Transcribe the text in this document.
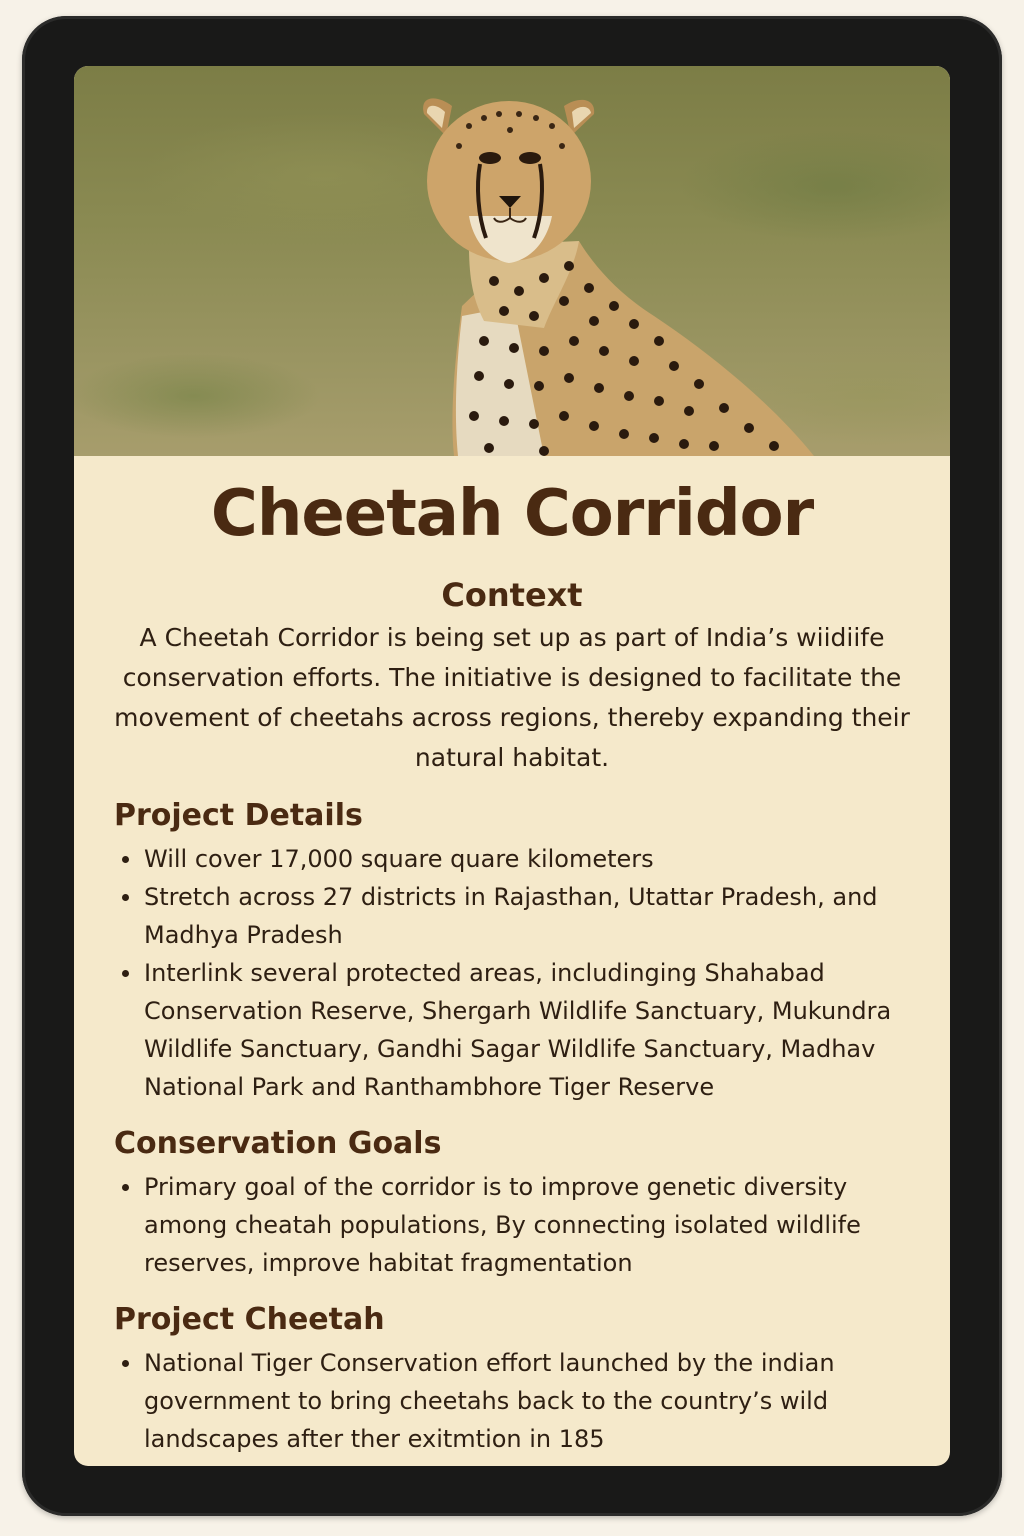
Cheetah Corridor
Context

A Cheetah Corridor is being set up as part of India’s wiidiife conservation efforts. The initiative is designed to facilitate the movement of cheetahs across regions, thereby expanding their natural habitat.

Project Details
Will cover 17,000 square quare kilometers
Stretch across 27 districts in Rajasthan, Utattar Pradesh, and Madhya Pradesh
Interlink several protected areas, includinging Shahabad Conservation Reserve, Shergarh Wildlife Sanctuary, Mukundra Wildlife Sanctuary, Gandhi Sagar Wildlife Sanctuary, Madhav National Park and Ranthambhore Tiger Reserve
Conservation Goals
Primary goal of the corridor is to improve genetic diversity among cheatah populations, By connecting isolated wildlife reserves, improve habitat fragmentation
Project Cheetah
National Tiger Conservation effort launched by the indian government to bring cheetahs back to the country’s wild landscapes after ther exitmtion in 185
